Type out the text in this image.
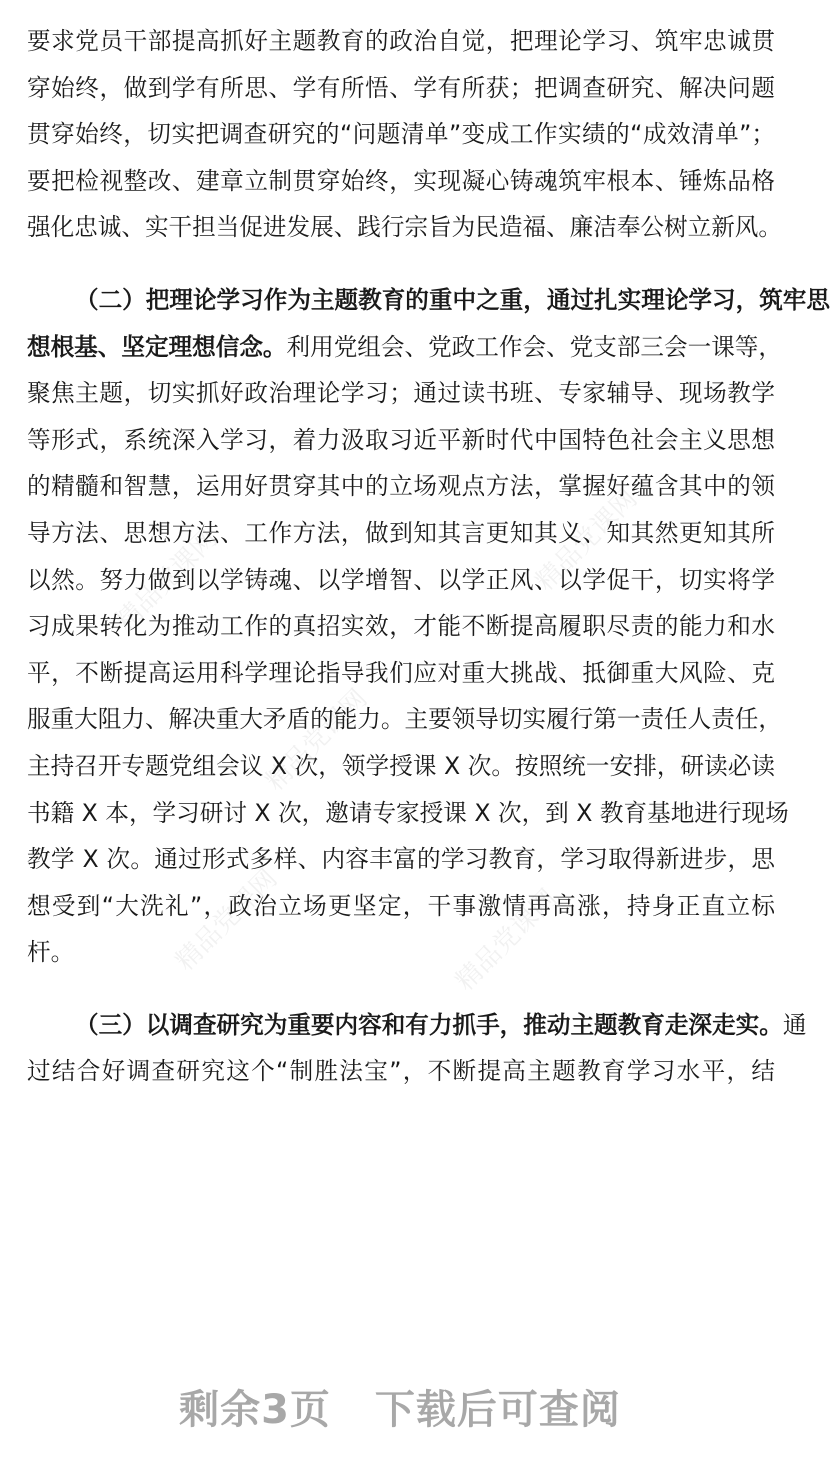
精品党课网	精品党课网
精品党课网
精品党课网	精品党课网
要求党员干部提高抓好主题教育的政治自觉，把理论学习、筑牢忠诚贯
穿始终，做到学有所思、学有所悟、学有所获；把调查研究、解决问题
贯穿始终，切实把调查研究的“问题清单”变成工作实绩的“成效清单”；
要把检视整改、建章立制贯穿始终，实现凝心铸魂筑牢根本、锤炼品格
强化忠诚、实干担当促进发展、践行宗旨为民造福、廉洁奉公树立新风。
（二）把理论学习作为主题教育的重中之重，通过扎实理论学习，筑牢思
想根基、坚定理想信念。利用党组会、党政工作会、党支部三会一课等，
聚焦主题，切实抓好政治理论学习；通过读书班、专家辅导、现场教学
等形式，系统深入学习，着力汲取习近平新时代中国特色社会主义思想
的精髓和智慧，运用好贯穿其中的立场观点方法，掌握好蕴含其中的领
导方法、思想方法、工作方法，做到知其言更知其义、知其然更知其所
以然。努力做到以学铸魂、以学增智、以学正风、以学促干，切实将学
习成果转化为推动工作的真招实效，才能不断提高履职尽责的能力和水
平，不断提高运用科学理论指导我们应对重大挑战、抵御重大风险、克
服重大阻力、解决重大矛盾的能力。主要领导切实履行第一责任人责任，
主持召开专题党组会议 X 次，领学授课 X 次。按照统一安排，研读必读
书籍 X 本，学习研讨 X 次，邀请专家授课 X 次，到 X 教育基地进行现场
教学 X 次。通过形式多样、内容丰富的学习教育，学习取得新进步，思
想受到“大洗礼”，政治立场更坚定，干事激情再高涨，持身正直立标
杆。
（三）以调查研究为重要内容和有力抓手，推动主题教育走深走实。通
过结合好调查研究这个“制胜法宝”，不断提高主题教育学习水平，结
剩余3页 下载后可查阅
